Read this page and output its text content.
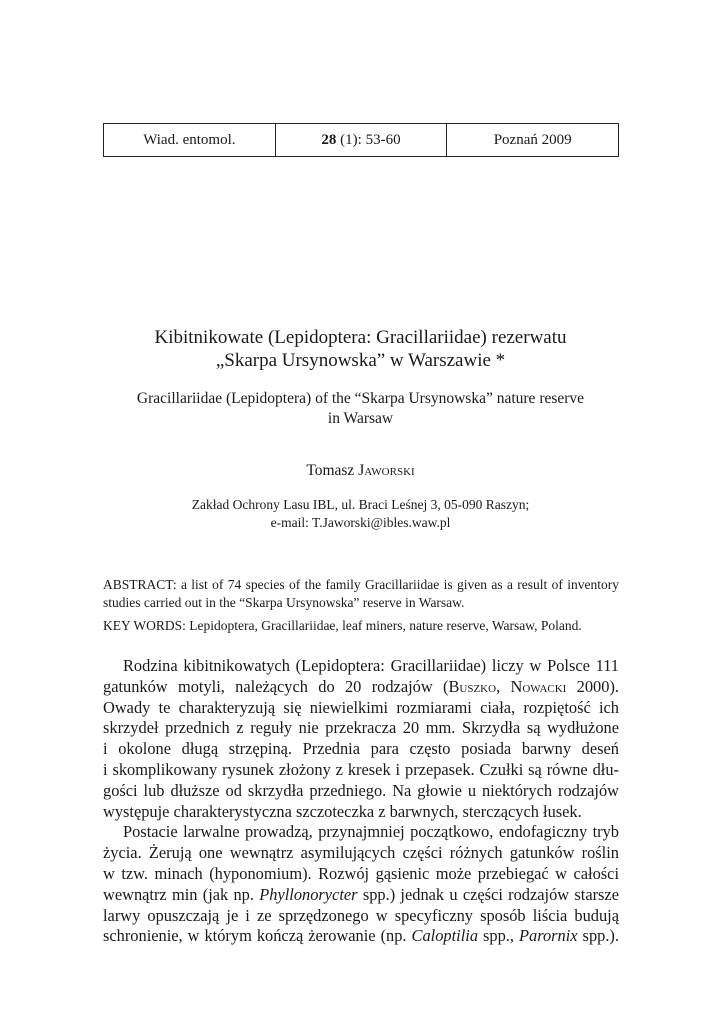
Wiad. entomol.	28
(1): 53-60	Poznań 2009
Kibitnikowate (Lepidoptera: Gracillariidae) rezerwatu
„Skarpa Ursynowska” w Warszawie *
Gracillariidae (Lepidoptera) of the “Skarpa Ursynowska” nature reserve
in Warsaw
Tomasz Jaworski
Zakład Ochrony Lasu IBL, ul. Braci Leśnej 3, 05-090 Raszyn;
e-mail: T.Jaworski@ibles.waw.pl
ABSTRACT: a list of 74 species of the family Gracillariidae is given as a result of inventory
studies carried out in the “Skarpa Ursynowska” reserve in Warsaw.
KEY WORDS: Lepidoptera, Gracillariidae, leaf miners, nature reserve, Warsaw, Poland.
Rodzina kibitnikowatych (Lepidoptera: Gracillariidae) liczy w Polsce 111
gatunków motyli, należących do 20 rodzajów (Buszko, Nowacki 2000).
Owady te charakteryzują się niewielkimi rozmiarami ciała, rozpiętość ich
skrzydeł przednich z reguły nie przekracza 20 mm. Skrzydła są wydłużone
i okolone długą strzępiną. Przednia para często posiada barwny deseń
i skomplikowany rysunek złożony z kresek i przepasek. Czułki są równe dłu-
gości lub dłuższe od skrzydła przedniego. Na głowie u niektórych rodzajów
występuje charakterystyczna szczoteczka z barwnych, sterczących łusek.
Postacie larwalne prowadzą, przynajmniej początkowo, endofagiczny tryb
życia. Żerują one wewnątrz asymilujących części różnych gatunków roślin
w tzw. minach (hyponomium). Rozwój gąsienic może przebiegać w całości
wewnątrz min (jak np. Phyllonorycter spp.) jednak u części rodzajów starsze
larwy opuszczają je i ze sprzędzonego w specyficzny sposób liścia budują
schronienie, w którym kończą żerowanie (np. Caloptilia spp., Parornix spp.).
